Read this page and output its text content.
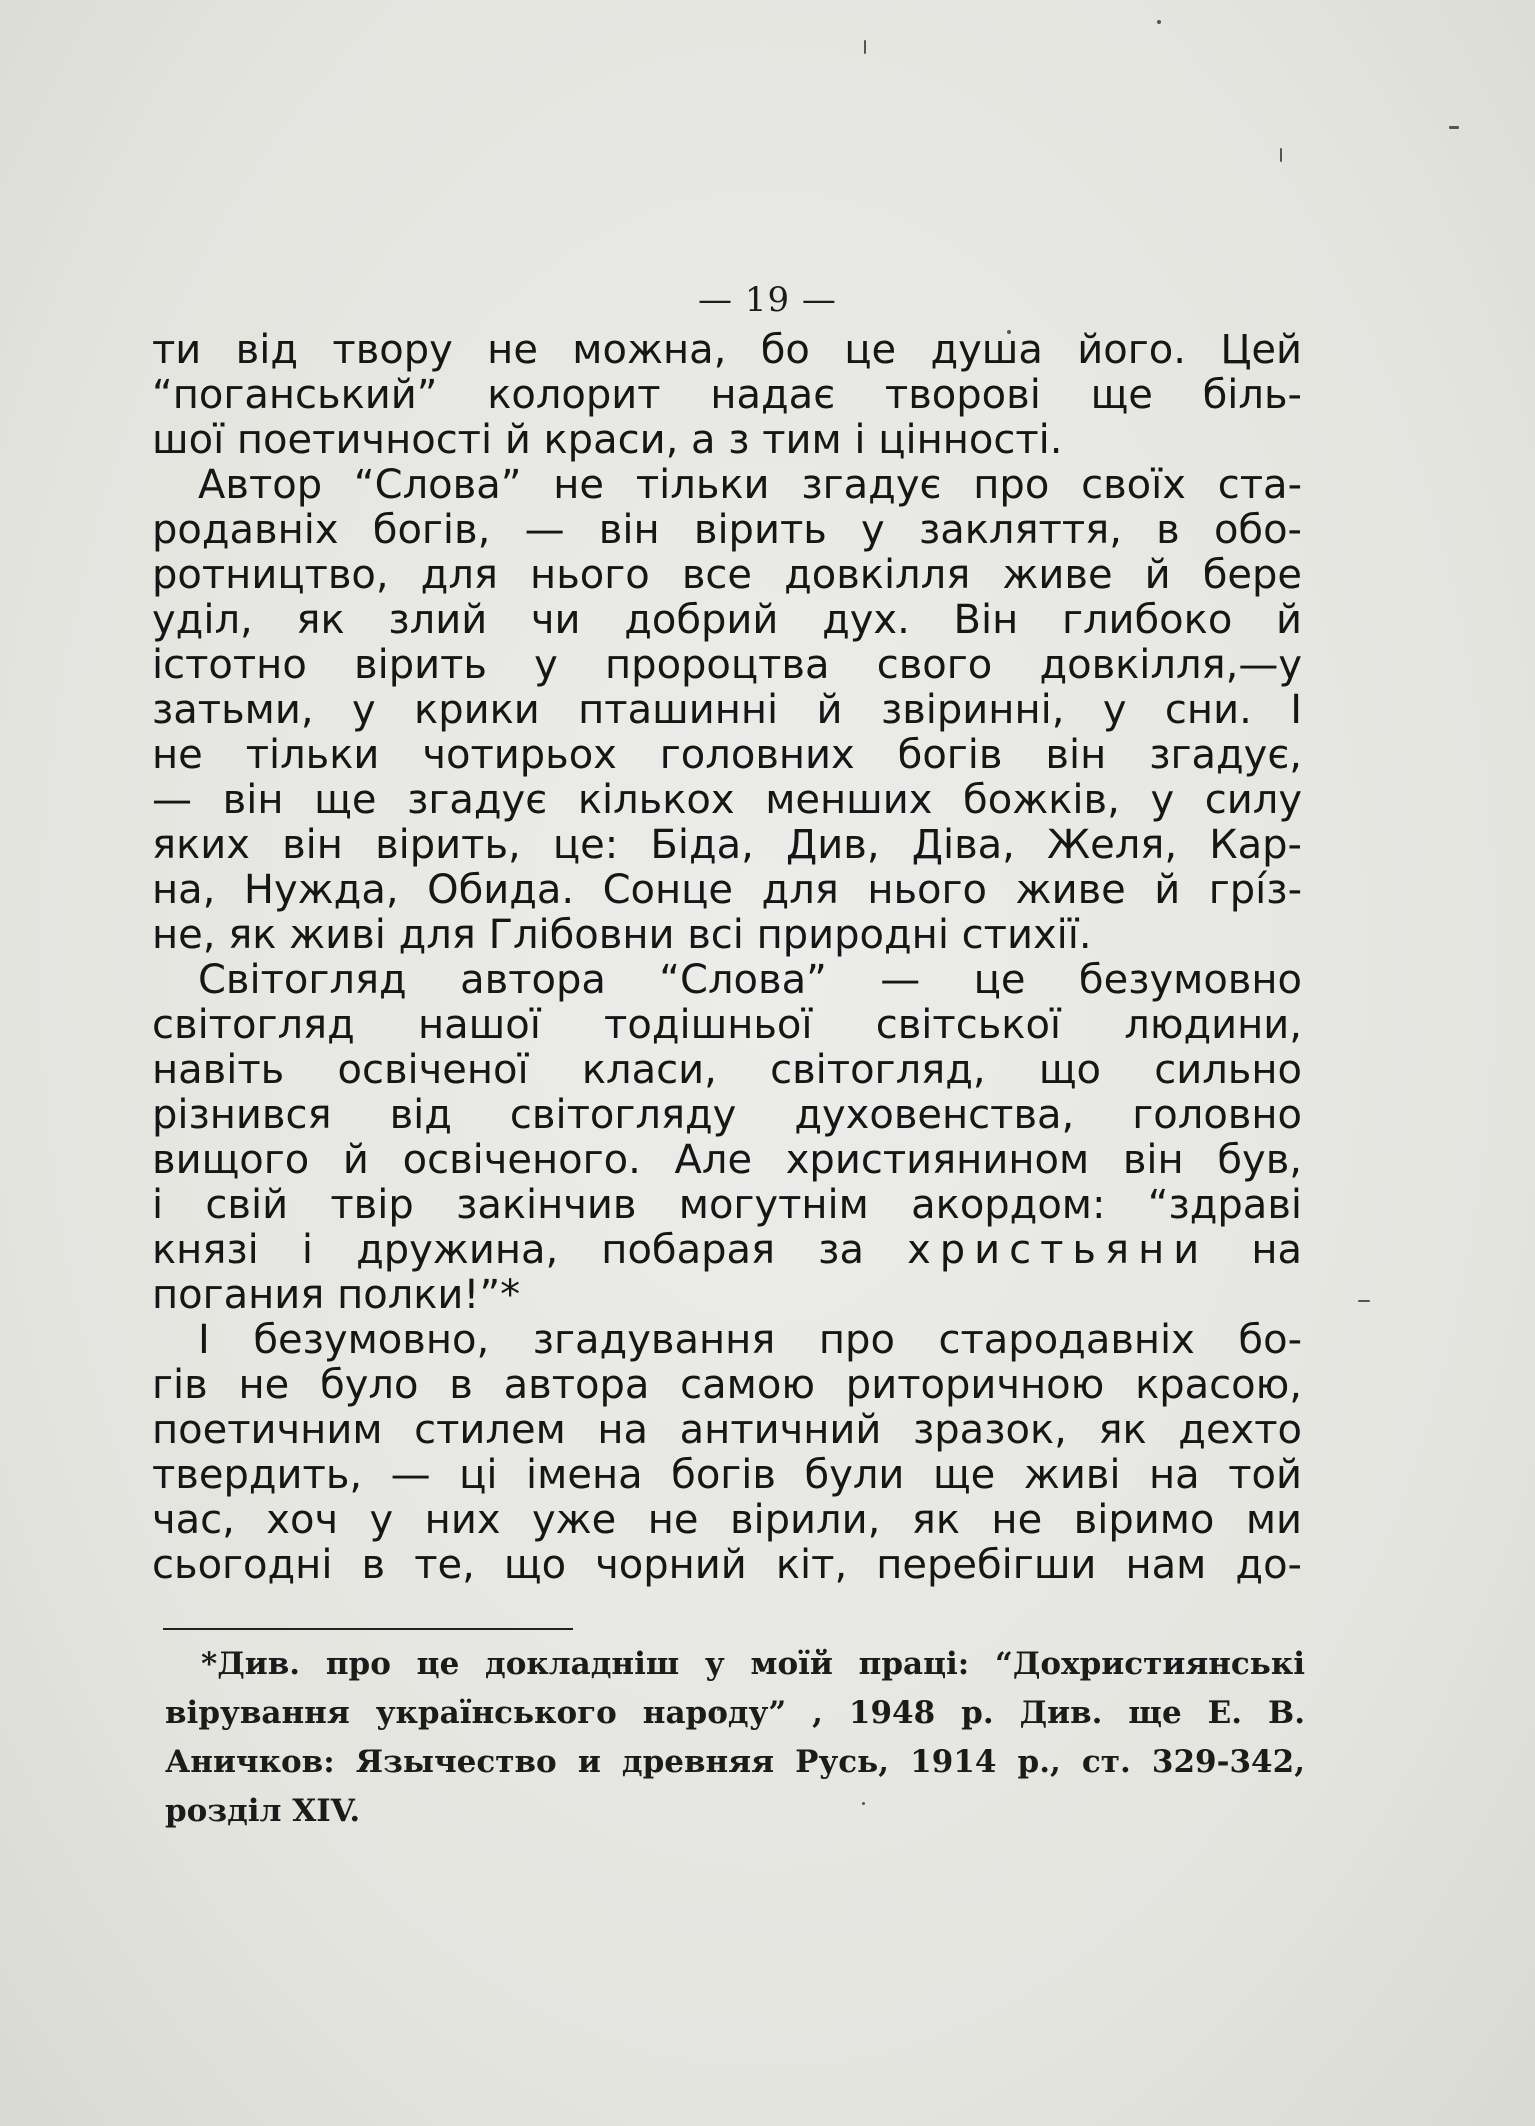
— 19 —
ти від твору не можна, бо це душа його. Цей
“поганський” колорит надає творові ще біль-
шої поетичності й краси, а з тим і цінності.
Автор “Слова” не тільки згадує про своїх ста-
родавніх богів, — він вірить у закляття, в обо-
ротництво, для нього все довкілля живе й бере
уділ, як злий чи добрий дух. Він глибоко й
істотно вірить у пророцтва свого довкілля,—у
затьми, у крики пташинні й звіринні, у сни. І
не тільки чотирьох головних богів він згадує,
— він ще згадує кількох менших божків, у силу
яких він вірить, це: Біда, Див, Діва, Желя, Кар-
на, Нужда, Обида. Сонце для нього живе й грі́з-
не, як живі для Глібовни всі природні стихії.
Світогляд автора “Слова” — це безумовно
світогляд нашої тодішньої світської людини,
навіть освіченої класи, світогляд, що сильно
різнився від світогляду духовенства, головно
вищого й освіченого. Але християнином він був,
і свій твір закінчив могутнім акордом: “здраві
князі і дружина, побарая за христьяни на
погания полки!”*
І безумовно, згадування про стародавніх бо-
гів не було в автора самою риторичною красою,
поетичним стилем на античний зразок, як дехто
твердить, — ці імена богів були ще живі на той
час, хоч у них уже не вірили, як не віримо ми
сьогодні в те, що чорний кіт, перебігши нам до-
*Див. про це докладніш у моїй праці: “Дохристиянські
вірування українського народу” , 1948 р. Див. ще Е. В.
Аничков: Язычество и древняя Русь, 1914 р., ст. 329-342,
розділ XIV.
